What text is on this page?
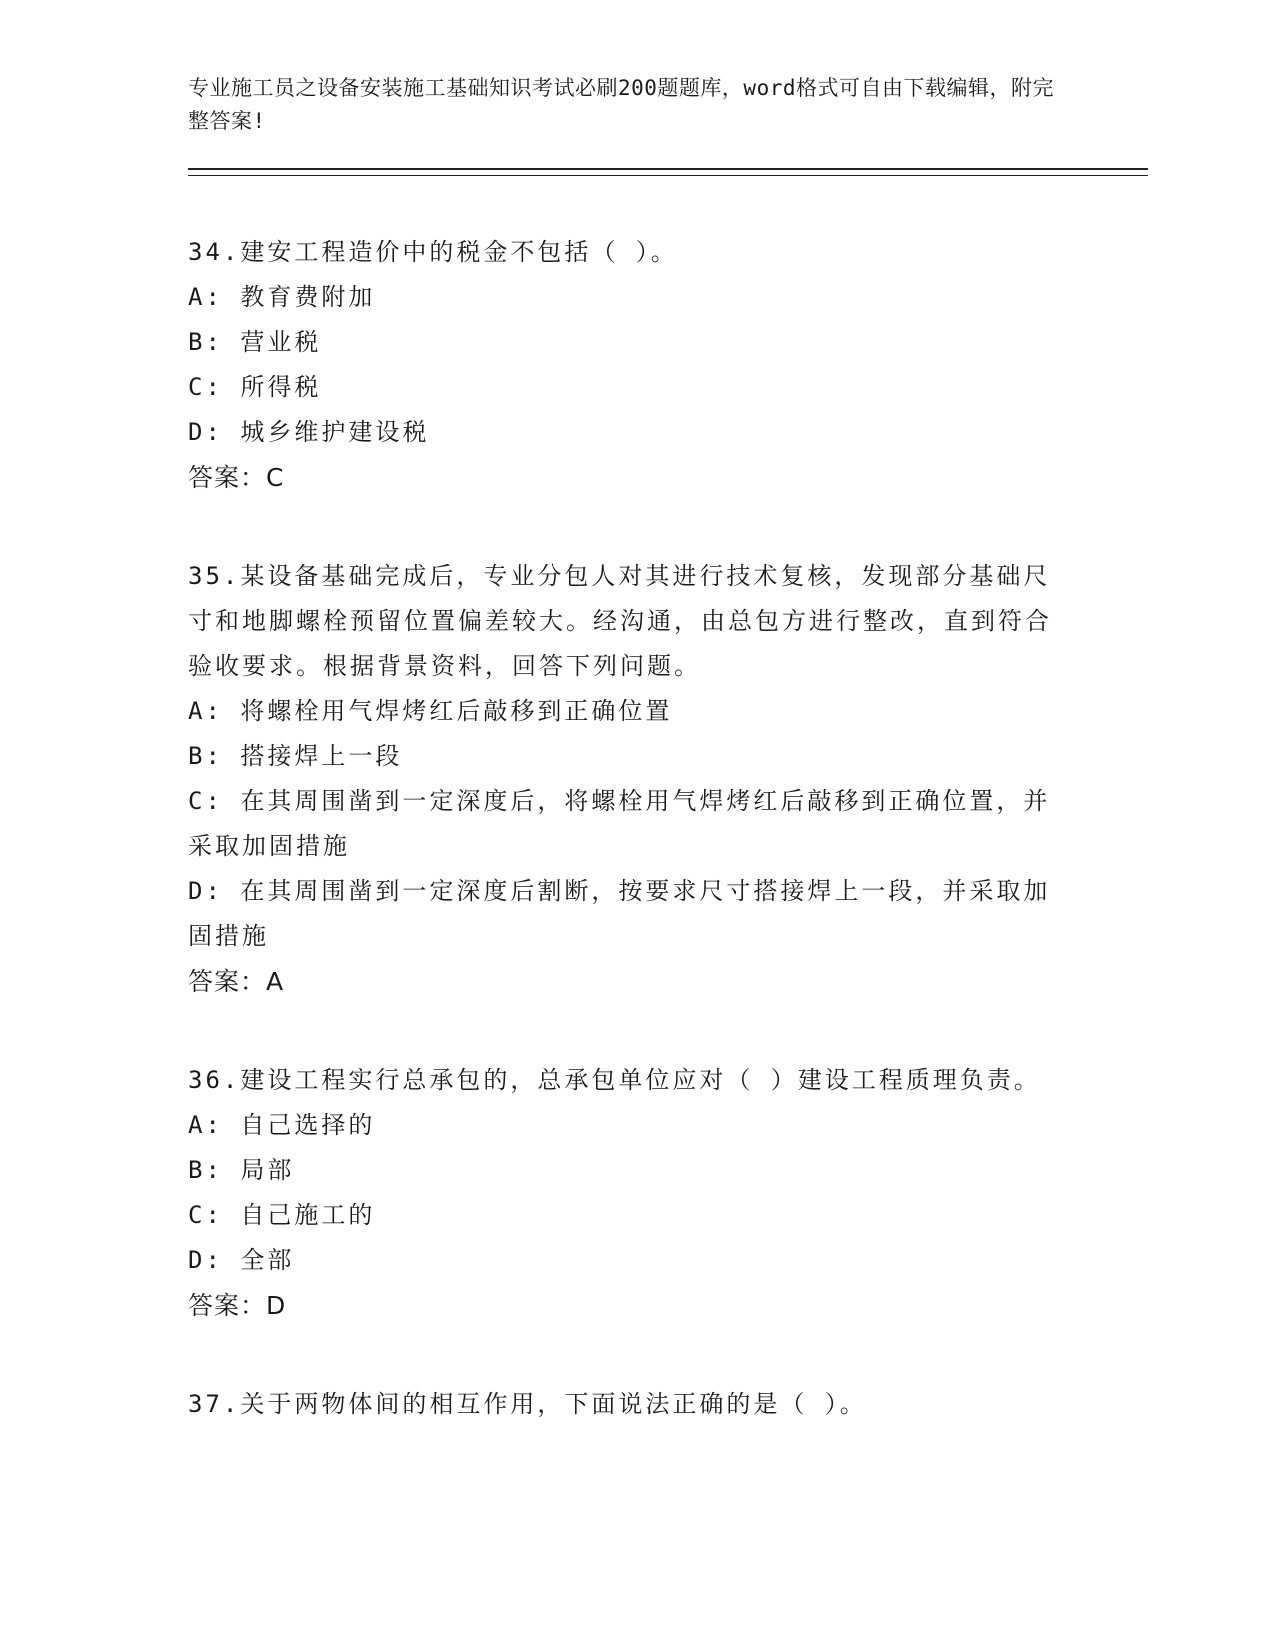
专业施工员之设备安装施工基础知识考试必刷200题题库，word格式可自由下载编辑，附完整答案!
34.建安工程造价中的税金不包括（ ）。
A: 教育费附加
B: 营业税
C: 所得税
D: 城乡维护建设税
答案：C
35.某设备基础完成后，专业分包人对其进行技术复核，发现部分基础尺寸和地脚螺栓预留位置偏差较大。经沟通，由总包方进行整改，直到符合验收要求。根据背景资料，回答下列问题。
A: 将螺栓用气焊烤红后敲移到正确位置
B: 搭接焊上一段
C: 在其周围凿到一定深度后，将螺栓用气焊烤红后敲移到正确位置，并采取加固措施
D: 在其周围凿到一定深度后割断，按要求尺寸搭接焊上一段，并采取加固措施
答案：A
36.建设工程实行总承包的，总承包单位应对（ ）建设工程质理负责。
A: 自己选择的
B: 局部
C: 自己施工的
D: 全部
答案：D
37.关于两物体间的相互作用，下面说法正确的是（ ）。
